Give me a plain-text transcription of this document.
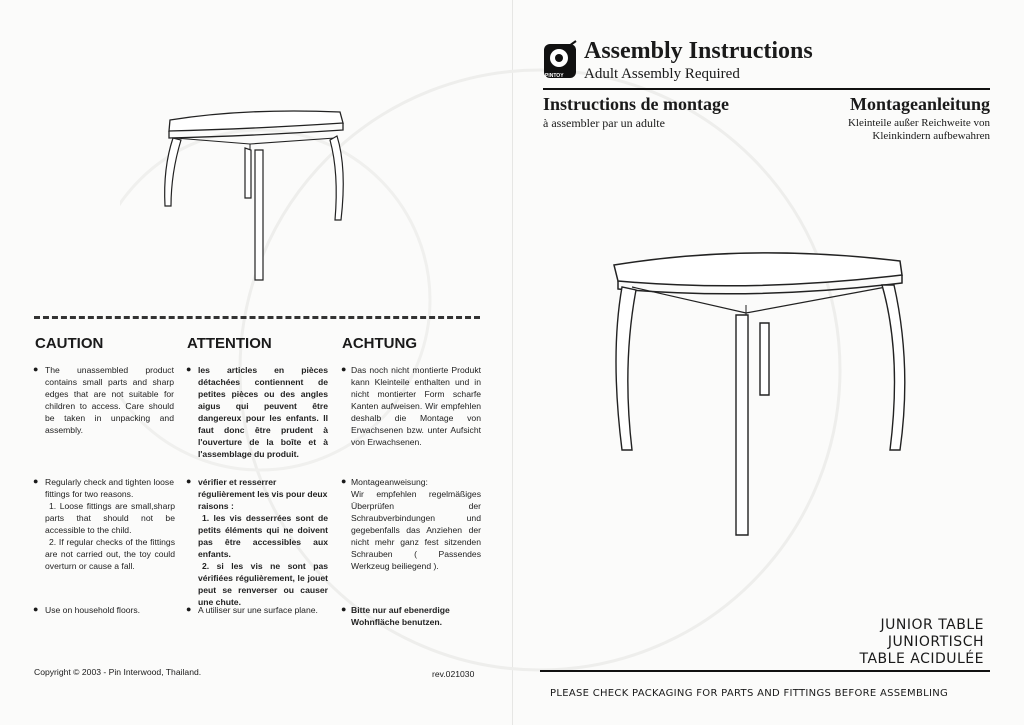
PINTOY
Assembly Instructions
Adult Assembly Required
Instructions de montage
à assembler par un adulte
Montageanleitung
Kleinteile außer Reichweite von
Kleinkindern aufbewahren
CAUTION	ATTENTION	ACHTUNG
● The unassembled product contains small parts and sharp edges that are not suitable for children to access. Care should be taken in unpacking and assembly.
● les articles en pièces détachées contiennent de petites pièces ou des angles aigus qui peuvent être dangereux pour les enfants. Il faut donc être prudent à l'ouverture de la boîte et à l'assemblage du produit.
● Das noch nicht montierte Produkt kann Kleinteile enthalten und in nicht montierter Form scharfe Kanten aufweisen. Wir empfehlen deshalb die Montage von Erwachsenen bzw. unter Aufsicht von Erwachsenen.
● Regularly check and tighten loose fittings for two reasons.

1. Loose fittings are small,sharp parts that should not be accessible to the child.

2. If regular checks of the fittings are not carried out, the toy could overturn or cause a fall.

● vérifier et resserrer régulièrement les vis pour deux raisons :

1. les vis desserrées sont de petits éléments qui ne doivent pas être accessibles aux enfants.

2. si les vis ne sont pas vérifiées régulièrement, le jouet peut se renverser ou causer une chute.

● Montageanweisung:

Wir empfehlen regelmäßiges Überprüfen der Schraubverbindungen und gegebenfalls das Anziehen der nicht mehr ganz fest sitzenden Schrauben ( Passendes Werkzeug beiliegend ).

● Use on household floors.	● A utiliser sur une surface plane.	● Bitte nur auf ebenerdige Wohnfläche benutzen.
Copyright © 2003 - Pin Interwood, Thailand.	rev.021030
JUNIOR TABLE
JUNIORTISCH
TABLE ACIDULÉE
PLEASE CHECK PACKAGING FOR PARTS AND FITTINGS BEFORE ASSEMBLING
